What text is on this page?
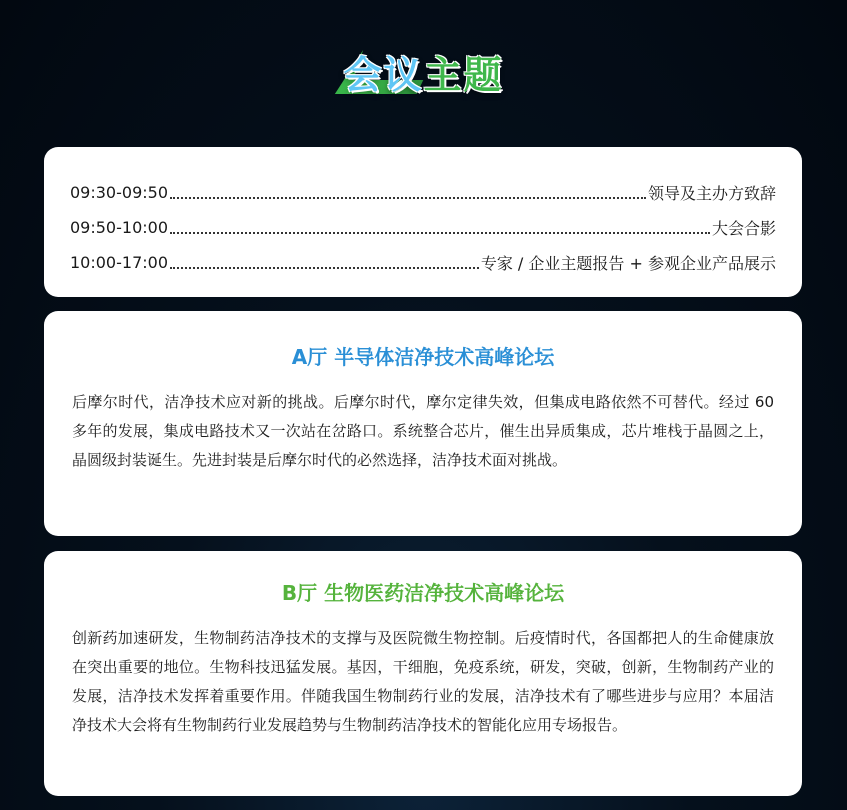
会议主题
09:30-09:50	领导及主办方致辞
09:50-10:00	大会合影
10:00-17:00	专家 / 企业主题报告 + 参观企业产品展示
A厅 半导体洁净技术高峰论坛

后摩尔时代，洁净技术应对新的挑战。后摩尔时代，摩尔定律失效，但集成电路依然不可替代。经过 60 多年的发展，集成电路技术又一次站在岔路口。系统整合芯片，催生出异质集成，芯片堆栈于晶圆之上，晶圆级封装诞生。先进封装是后摩尔时代的必然选择，洁净技术面对挑战。

B厅 生物医药洁净技术高峰论坛

创新药加速研发，生物制药洁净技术的支撑与及医院微生物控制。后疫情时代，各国都把人的生命健康放在突出重要的地位。生物科技迅猛发展。基因，干细胞，免疫系统，研发，突破，创新，生物制药产业的发展，洁净技术发挥着重要作用。伴随我国生物制药行业的发展，洁净技术有了哪些进步与应用？本届洁净技术大会将有生物制药行业发展趋势与生物制药洁净技术的智能化应用专场报告。
